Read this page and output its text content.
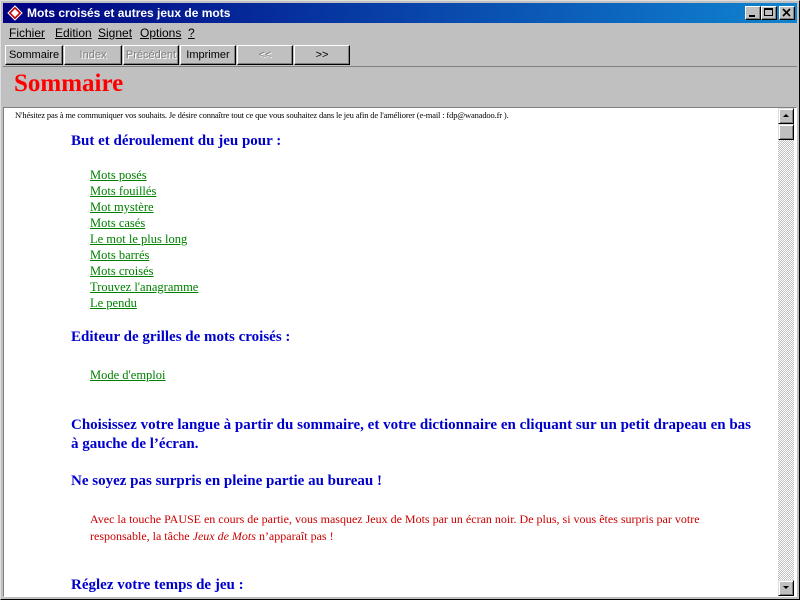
Mots croisés et autres jeux de mots
Fichier Edition Signet Options ?
Sommaire	Index	Précédent Imprimer	<<	>>
Sommaire
N'hésitez pas à me communiquer vos souhaits. Je désire connaître tout ce que vous souhaitez dans le jeu afin de l'améliorer (e-mail : fdp@wanadoo.fr ).
But et déroulement du jeu pour :
Mots posés
Mots fouillés
Mot mystère
Mots casés
Le mot le plus long
Mots barrés
Mots croisés
Trouvez l'anagramme
Le pendu
Editeur de grilles de mots croisés :
Mode d'emploi
Choisissez votre langue à partir du sommaire, et votre dictionnaire en cliquant sur un petit drapeau en bas à gauche de l’écran.
Ne soyez pas surpris en pleine partie au bureau !
Avec la touche PAUSE en cours de partie, vous masquez Jeux de Mots par un écran noir. De plus, si vous êtes surpris par votre responsable, la tâche Jeux de Mots n’apparaît pas !
Réglez votre temps de jeu :
